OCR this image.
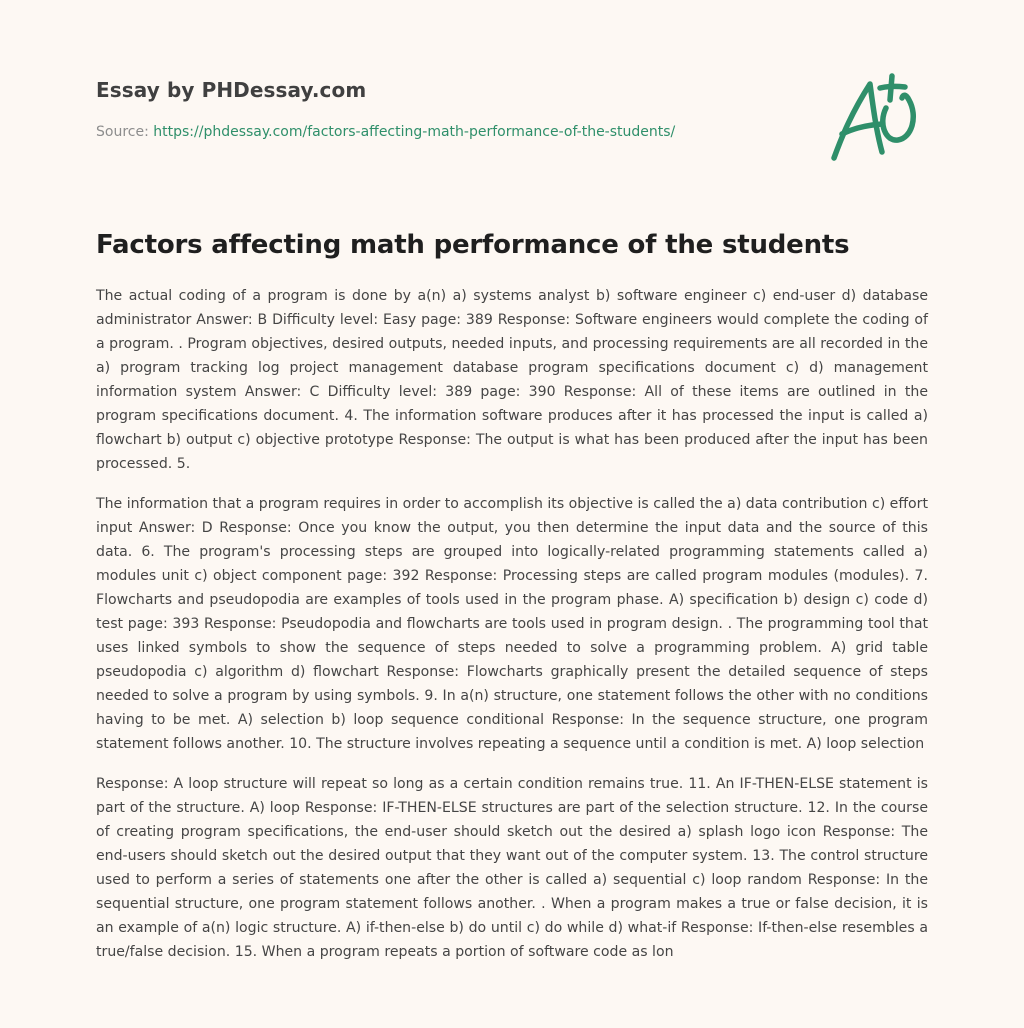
Essay by PHDessay.com
Source: https://phdessay.com/factors-affecting-math-performance-of-the-students/
Factors affecting math performance of the students

The actual coding of a program is done by a(n) a) systems analyst b) software engineer c) end-user d) database administrator Answer: B Difficulty level: Easy page: 389 Response: Software engineers would complete the coding of a program. . Program objectives, desired outputs, needed inputs, and processing requirements are all recorded in the a) program tracking log project management database program specifications document c) d) management information system Answer: C Difficulty level: 389 page: 390 Response: All of these items are outlined in the program specifications document. 4. The information software produces after it has processed the input is called a) flowchart b) output c) objective prototype Response: The output is what has been produced after the input has been processed. 5.

The information that a program requires in order to accomplish its objective is called the a) data contribution c) effort input Answer: D Response: Once you know the output, you then determine the input data and the source of this data. 6. The program's processing steps are grouped into logically-related programming statements called a) modules unit c) object component page: 392 Response: Processing steps are called program modules (modules). 7. Flowcharts and pseudopodia are examples of tools used in the program phase. A) specification b) design c) code d) test page: 393 Response: Pseudopodia and flowcharts are tools used in program design. . The programming tool that uses linked symbols to show the sequence of steps needed to solve a programming problem. A) grid table pseudopodia c) algorithm d) flowchart Response: Flowcharts graphically present the detailed sequence of steps needed to solve a program by using symbols. 9. In a(n) structure, one statement follows the other with no conditions having to be met. A) selection b) loop sequence conditional Response: In the sequence structure, one program statement follows another. 10. The structure involves repeating a sequence until a condition is met. A) loop selection

Response: A loop structure will repeat so long as a certain condition remains true. 11. An IF-THEN-ELSE statement is part of the structure. A) loop Response: IF-THEN-ELSE structures are part of the selection structure. 12. In the course of creating program specifications, the end-user should sketch out the desired a) splash logo icon Response: The end-users should sketch out the desired output that they want out of the computer system. 13. The control structure used to perform a series of statements one after the other is called a) sequential c) loop random Response: In the sequential structure, one program statement follows another. . When a program makes a true or false decision, it is an example of a(n) logic structure. A) if-then-else b) do until c) do while d) what-if Response: If-then-else resembles a true/false decision. 15. When a program repeats a portion of software code as lon
